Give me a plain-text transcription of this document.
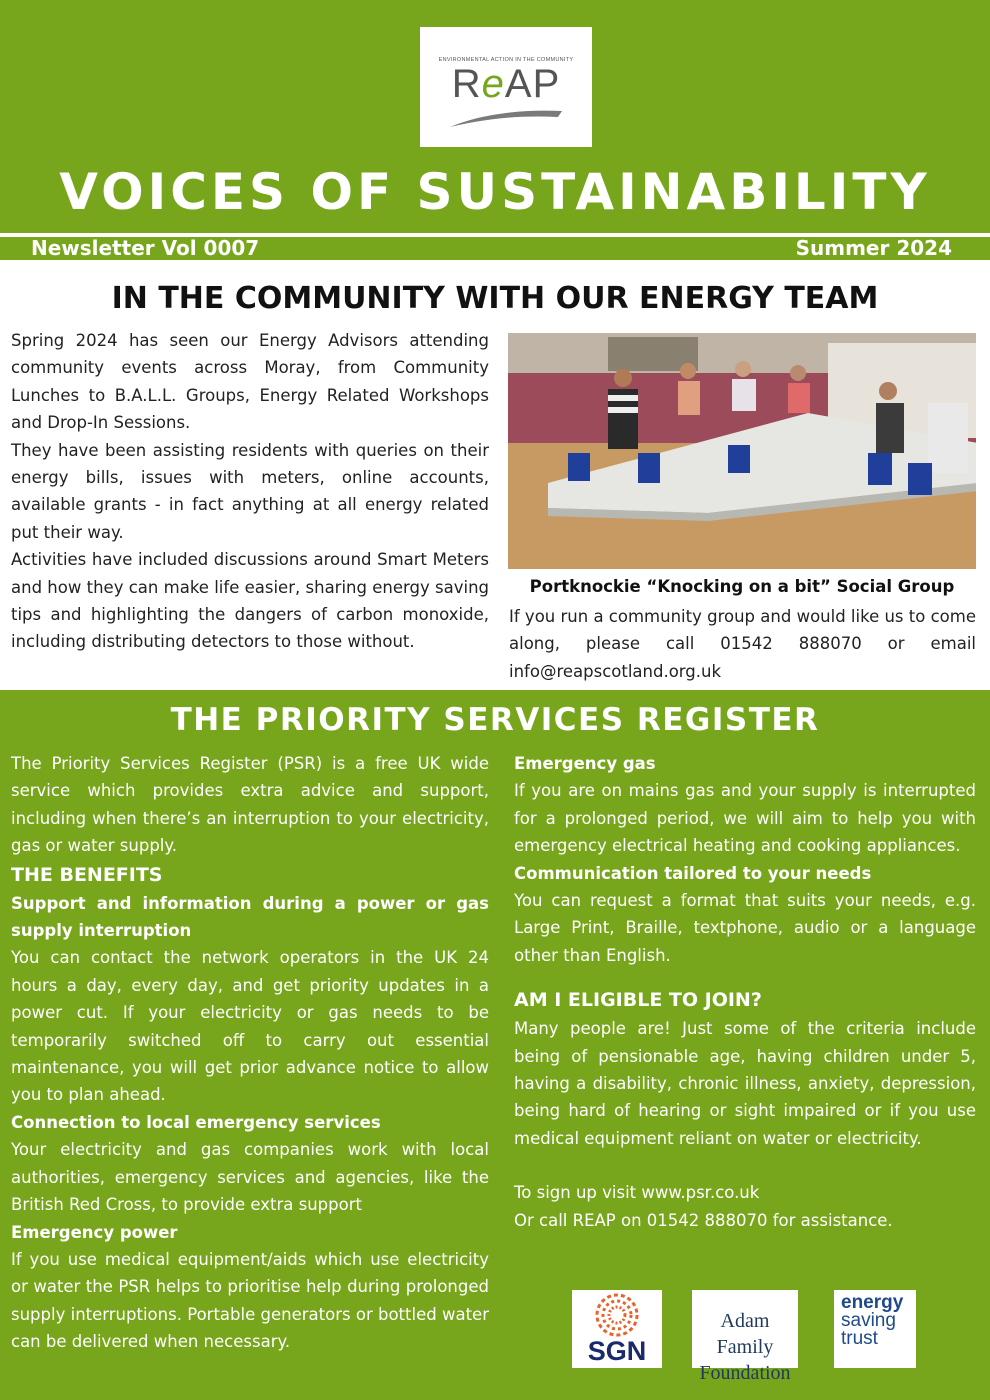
ENVIRONMENTAL ACTION IN THE COMMUNITY
ReAP
VOICES OF SUSTAINABILITY
Newsletter Vol 0007	Summer 2024
IN THE COMMUNITY WITH OUR ENERGY TEAM

Spring 2024 has seen our Energy Advisors attending community events across Moray, from Community Lunches to B.A.L.L. Groups, Energy Related Workshops and Drop-In Sessions.

They have been assisting residents with queries on their energy bills, issues with meters, online accounts, available grants - in fact anything at all energy related put their way.

Activities have included discussions around Smart Meters and how they can make life easier, sharing energy saving tips and highlighting the dangers of carbon monoxide, including distributing detectors to those without.

Portknockie “Knocking on a bit” Social Group
If you run a community group and would like us to come along, please call 01542 888070 or email info@reapscotland.org.uk
THE PRIORITY SERVICES REGISTER

The Priority Services Register (PSR) is a free UK wide service which provides extra advice and support, including when there’s an interruption to your electricity, gas or water supply.

THE BENEFITS

Support and information during a power or gas supply interruption

You can contact the network operators in the UK 24 hours a day, every day, and get priority updates in a power cut. If your electricity or gas needs to be temporarily switched off to carry out essential maintenance, you will get prior advance notice to allow you to plan ahead.

Connection to local emergency services

Your electricity and gas companies work with local authorities, emergency services and agencies, like the British Red Cross, to provide extra support

Emergency power

If you use medical equipment/aids which use electricity or water the PSR helps to prioritise help during prolonged supply interruptions. Portable generators or bottled water can be delivered when necessary.

Emergency gas

If you are on mains gas and your supply is interrupted for a prolonged period, we will aim to help you with emergency electrical heating and cooking appliances.

Communication tailored to your needs

You can request a format that suits your needs, e.g. Large Print, Braille, textphone, audio or a language other than English.

AM I ELIGIBLE TO JOIN?

Many people are! Just some of the criteria include being of pensionable age, having children under 5, having a disability, chronic illness, anxiety, depression, being hard of hearing or sight impaired or if you use medical equipment reliant on water or electricity.

To sign up visit www.psr.co.uk

Or call REAP on 01542 888070 for assistance.

SGN
Adam Family
Foundation
energy
saving
trust
